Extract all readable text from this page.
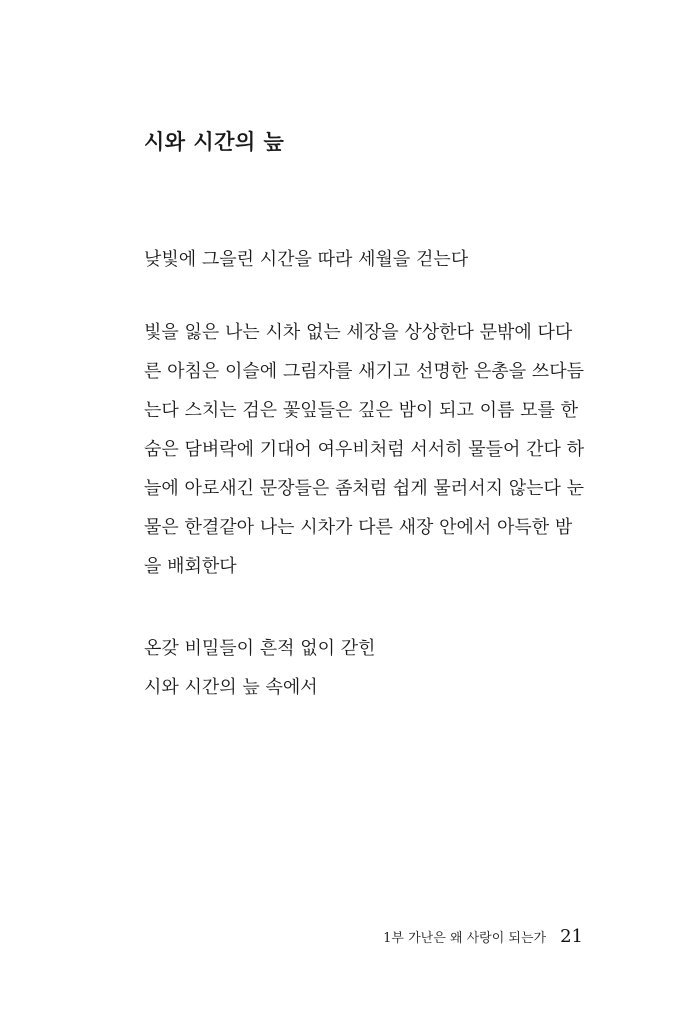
시와 시간의 늪

낮빛에 그을린 시간을 따라 세월을 걷는다

빛을 잃은 나는 시차 없는 세장을 상상한다 문밖에 다다
른 아침은 이슬에 그림자를 새기고 선명한 은총을 쓰다듬
는다 스치는 검은 꽃잎들은 깊은 밤이 되고 이름 모를 한
숨은 담벼락에 기대어 여우비처럼 서서히 물들어 간다 하
늘에 아로새긴 문장들은 좀처럼 쉽게 물러서지 않는다 눈
물은 한결같아 나는 시차가 다른 새장 안에서 아득한 밤
을 배회한다

온갖 비밀들이 흔적 없이 갇힌
시와 시간의 늪 속에서

1부 가난은 왜 사랑이 되는가 21
